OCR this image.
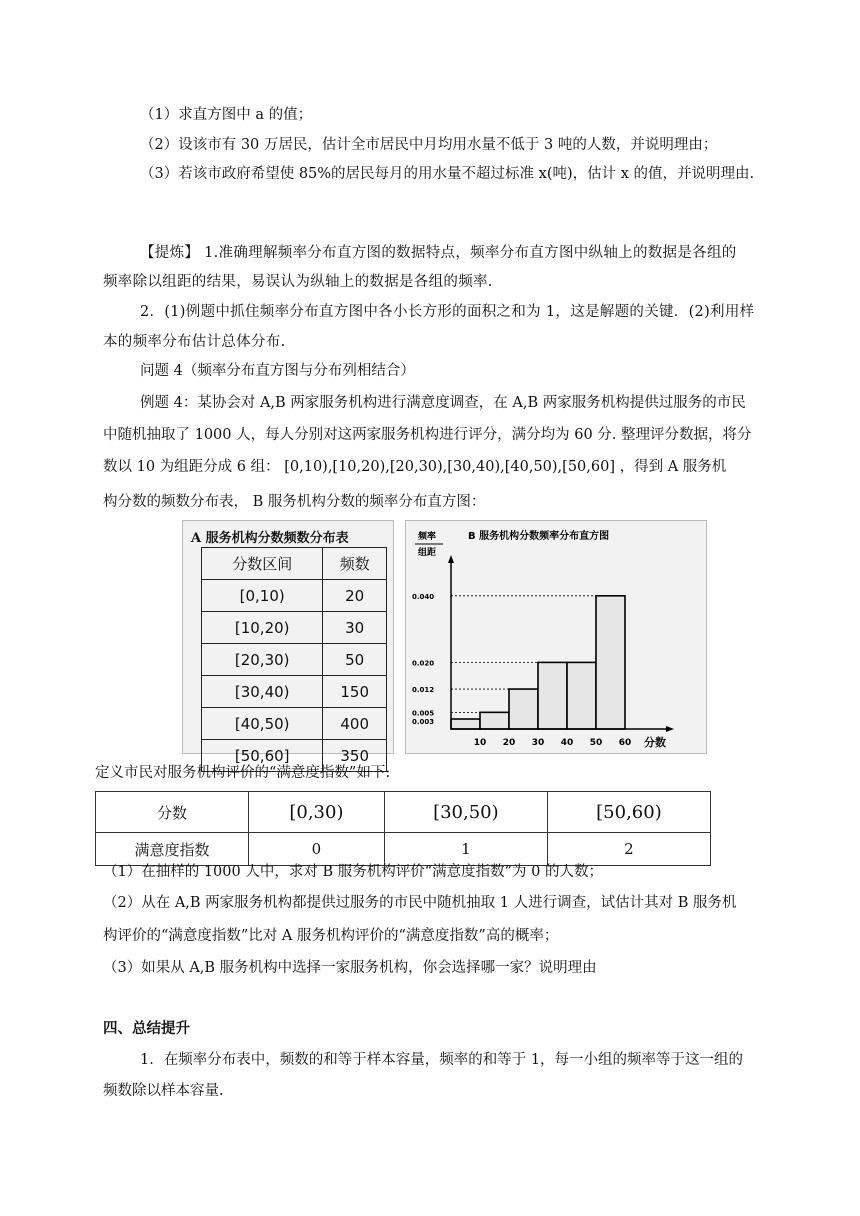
（1）求直方图中 a 的值；
（2）设该市有 30 万居民，估计全市居民中月均用水量不低于 3 吨的人数，并说明理由；
（3）若该市政府希望使 85%的居民每月的用水量不超过标准 x(吨)，估计 x 的值，并说明理由.
【提炼】 1.准确理解频率分布直方图的数据特点，频率分布直方图中纵轴上的数据是各组的
频率除以组距的结果，易误认为纵轴上的数据是各组的频率.
2．(1)例题中抓住频率分布直方图中各小长方形的面积之和为 1，这是解题的关键．(2)利用样
本的频率分布估计总体分布.
问题 4（频率分布直方图与分布列相结合）
例题 4：某协会对 A,B 两家服务机构进行满意度调查，在 A,B 两家服务机构提供过服务的市民
中随机抽取了 1000 人，每人分别对这两家服务机构进行评分，满分均为 60 分. 整理评分数据，将分
数以 10 为组距分成 6 组： [0,10),[10,20),[20,30),[30,40),[40,50),[50,60] ，得到 A 服务机
构分数的频数分布表， B 服务机构分数的频率分布直方图：
A 服务机构分数频数分布表
分数区间	频数
[0,10)	20
[10,20)	30
[20,30)	50
[30,40)	150
[40,50)	400
[50,60]	350
B 服务机构分数频率分布直方图
频率
组距
0.003
0.005
0.012
0.020
0.040
10 20 30 40 50 60 分数
定义市民对服务机构评价的“满意度指数”如下:
分数	[0,30)	[30,50)	[50,60)
满意度指数	0	1	2
（1）在抽样的 1000 人中，求对 B 服务机构评价“满意度指数”为 0 的人数；
（2）从在 A,B 两家服务机构都提供过服务的市民中随机抽取 1 人进行调查，试估计其对 B 服务机
构评价的“满意度指数”比对 A 服务机构评价的“满意度指数”高的概率；
（3）如果从 A,B 服务机构中选择一家服务机构，你会选择哪一家？说明理由
四、总结提升
1．在频率分布表中，频数的和等于样本容量，频率的和等于 1，每一小组的频率等于这一组的
频数除以样本容量.
